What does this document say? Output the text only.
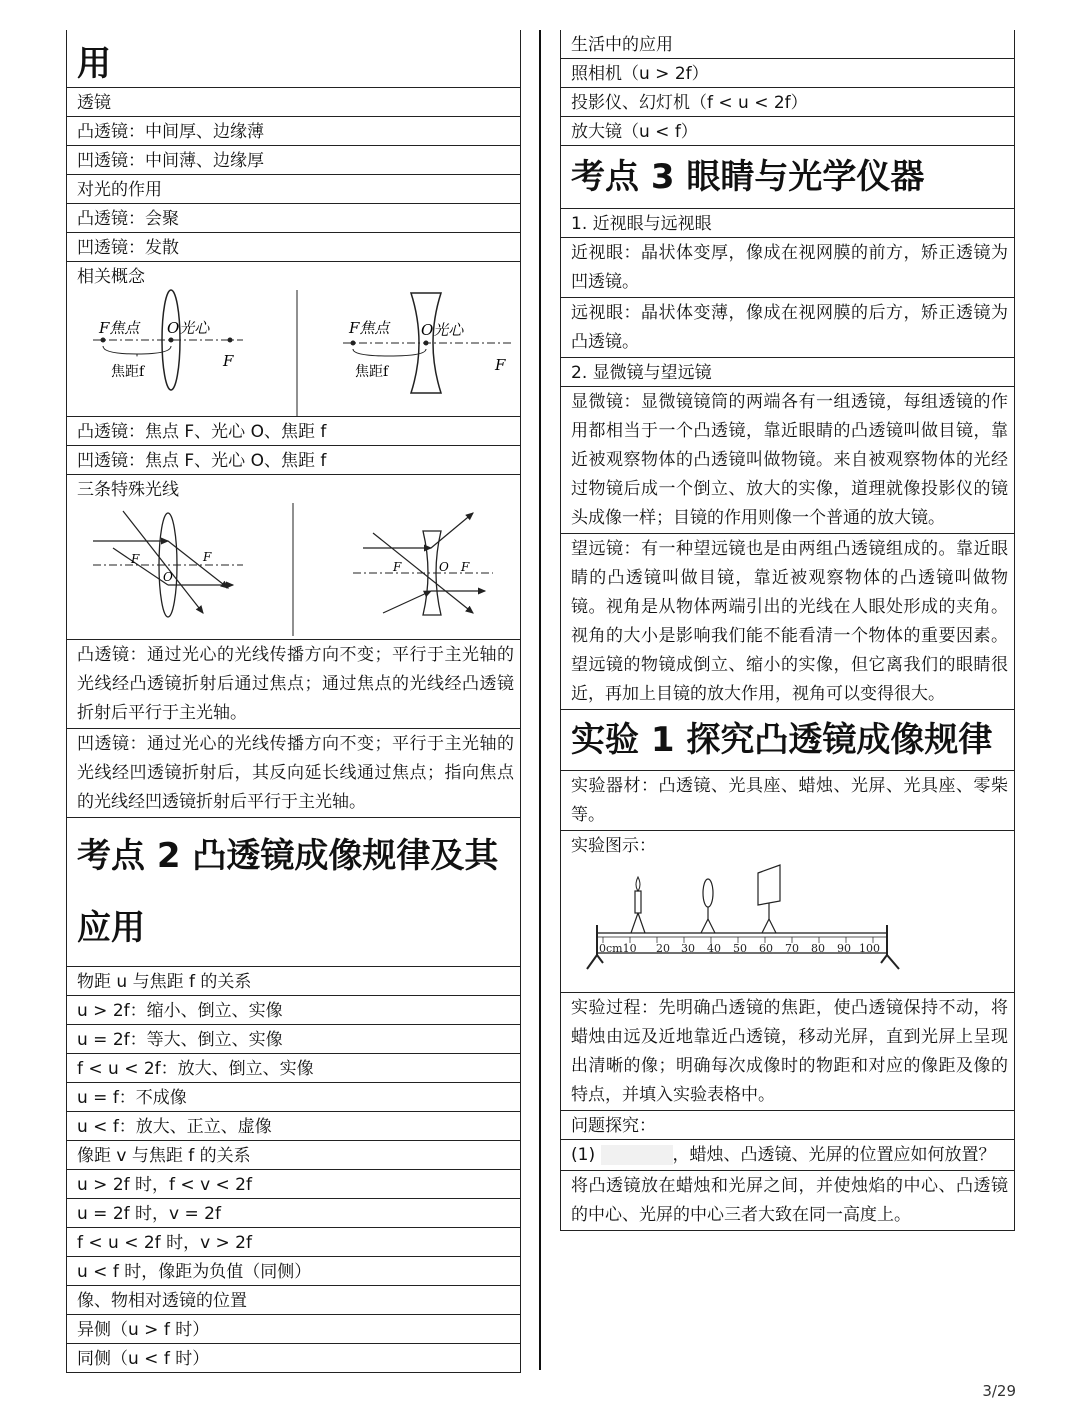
用
透镜
凸透镜：中间厚、边缘薄
凹透镜：中间薄、边缘厚
对光的作用
凸透镜：会聚
凹透镜：发散
相关概念
F焦点 O光心
焦距f
F
F焦点 O光心
焦距f	F
凸透镜：焦点 F、光心 O、焦距 f
凹透镜：焦点 F、光心 O、焦距 f
三条特殊光线
F	F
O
F	O F
凸透镜：通过光心的光线传播方向不变；平行于主光轴的光线经凸透镜折射后通过焦点；通过焦点的光线经凸透镜折射后平行于主光轴。
凹透镜：通过光心的光线传播方向不变；平行于主光轴的光线经凹透镜折射后，其反向延长线通过焦点；指向焦点的光线经凹透镜折射后平行于主光轴。
考点 2 凸透镜成像规律及其应用
物距 u 与焦距 f 的关系
u > 2f：缩小、倒立、实像
u = 2f：等大、倒立、实像
f < u < 2f：放大、倒立、实像
u = f：不成像
u < f：放大、正立、虚像
像距 v 与焦距 f 的关系
u > 2f 时，f < v < 2f
u = 2f 时，v = 2f
f < u < 2f 时，v > 2f
u < f 时，像距为负值（同侧）
像、物相对透镜的位置
异侧（u > f 时）
同侧（u < f 时）
生活中的应用
照相机（u > 2f）
投影仪、幻灯机（f < u < 2f）
放大镜（u < f）
考点 3 眼睛与光学仪器
1. 近视眼与远视眼
近视眼：晶状体变厚，像成在视网膜的前方，矫正透镜为凹透镜。
远视眼：晶状体变薄，像成在视网膜的后方，矫正透镜为凸透镜。
2. 显微镜与望远镜
显微镜：显微镜镜筒的两端各有一组透镜，每组透镜的作用都相当于一个凸透镜，靠近眼睛的凸透镜叫做目镜，靠近被观察物体的凸透镜叫做物镜。来自被观察物体的光经过物镜后成一个倒立、放大的实像，道理就像投影仪的镜头成像一样；目镜的作用则像一个普通的放大镜。
望远镜：有一种望远镜也是由两组凸透镜组成的。靠近眼睛的凸透镜叫做目镜，靠近被观察物体的凸透镜叫做物镜。视角是从物体两端引出的光线在人眼处形成的夹角。视角的大小是影响我们能不能看清一个物体的重要因素。望远镜的物镜成倒立、缩小的实像，但它离我们的眼睛很近，再加上目镜的放大作用，视角可以变得很大。
实验 1 探究凸透镜成像规律
实验器材：凸透镜、光具座、蜡烛、光屏、光具座、零柴等。
实验图示：
0cm10 20 30 40 50 60 70 80 90 100
实验过程：先明确凸透镜的焦距，使凸透镜保持不动，将蜡烛由远及近地靠近凸透镜，移动光屏，直到光屏上呈现出清晰的像；明确每次成像时的物距和对应的像距及像的特点，并填入实验表格中。
问题探究：
(1)	，蜡烛、凸透镜、光屏的位置应如何放置？
将凸透镜放在蜡烛和光屏之间，并使烛焰的中心、凸透镜的中心、光屏的中心三者大致在同一高度上。
3/29
